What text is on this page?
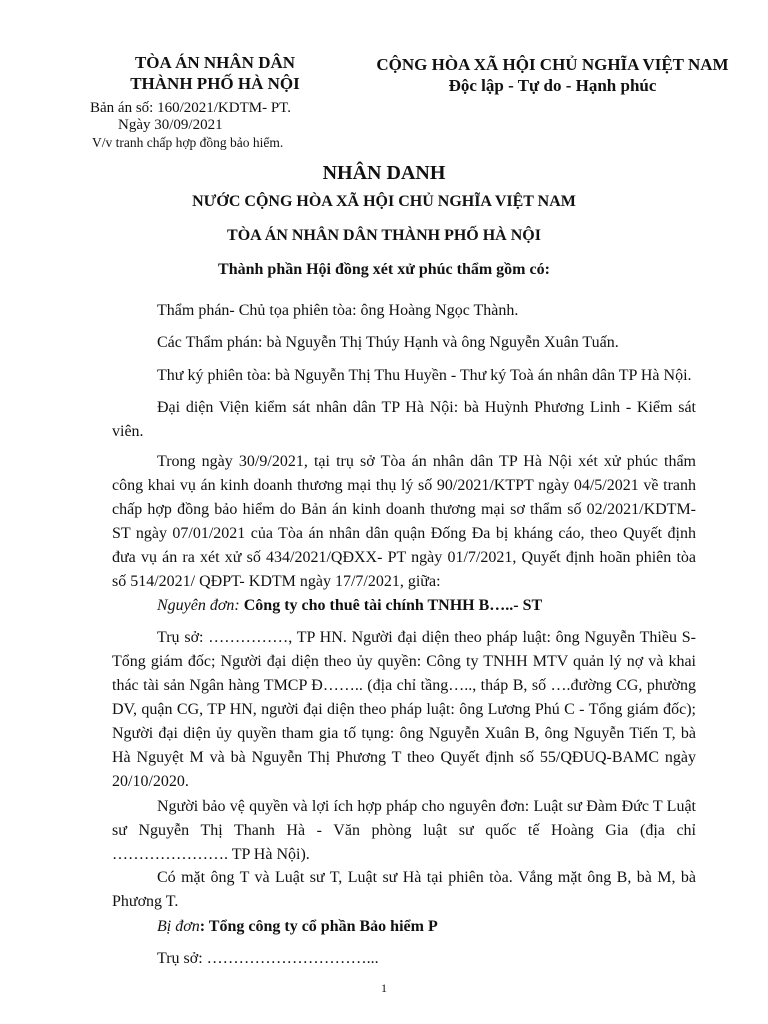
TÒA ÁN NHÂN DÂN
THÀNH PHỐ HÀ NỘI
Bản án số: 160/2021/KDTM- PT.
Ngày 30/09/2021
V/v tranh chấp hợp đồng bảo hiểm.
CỘNG HÒA XÃ HỘI CHỦ NGHĨA VIỆT NAM
Độc lập - Tự do - Hạnh phúc
NHÂN DANH
NƯỚC CỘNG HÒA XÃ HỘI CHỦ NGHĨA VIỆT NAM
TÒA ÁN NHÂN DÂN THÀNH PHỐ HÀ NỘI
Thành phần Hội đồng xét xử phúc thẩm gồm có:
Thẩm phán- Chủ tọa phiên tòa: ông Hoàng Ngọc Thành.
Các Thẩm phán: bà Nguyễn Thị Thúy Hạnh và ông Nguyễn Xuân Tuấn.
Thư ký phiên tòa: bà Nguyễn Thị Thu Huyền - Thư ký Toà án nhân dân TP Hà Nội.
Đại diện Viện kiểm sát nhân dân TP Hà Nội: bà Huỳnh Phương Linh - Kiểm sát viên.
Trong ngày 30/9/2021, tại trụ sở Tòa án nhân dân TP Hà Nội xét xử phúc thẩm công khai vụ án kinh doanh thương mại thụ lý số 90/2021/KTPT ngày 04/5/2021 về tranh chấp hợp đồng bảo hiểm do Bản án kinh doanh thương mại sơ thẩm số 02/2021/KDTM- ST ngày 07/01/2021 của Tòa án nhân dân quận Đống Đa bị kháng cáo, theo Quyết định đưa vụ án ra xét xử số 434/2021/QĐXX- PT ngày 01/7/2021, Quyết định hoãn phiên tòa số 514/2021/ QĐPT- KDTM ngày 17/7/2021, giữa:
Nguyên đơn: Công ty cho thuê tài chính TNHH B…..- ST
Trụ sở: ……………, TP HN. Người đại diện theo pháp luật: ông Nguyễn Thiều S- Tổng giám đốc; Người đại diện theo ủy quyền: Công ty TNHH MTV quản lý nợ và khai thác tài sản Ngân hàng TMCP Đ…….. (địa chỉ tầng….., tháp B, số ….đường CG, phường DV, quận CG, TP HN, người đại diện theo pháp luật: ông Lương Phú C - Tổng giám đốc); Người đại diện ủy quyền tham gia tố tụng: ông Nguyễn Xuân B, ông Nguyễn Tiến T, bà Hà Nguyệt M và bà Nguyễn Thị Phương T theo Quyết định số 55/QĐUQ-BAMC ngày 20/10/2020.
Người bảo vệ quyền và lợi ích hợp pháp cho nguyên đơn: Luật sư Đàm Đức T Luật sư Nguyễn Thị Thanh Hà - Văn phòng luật sư quốc tế Hoàng Gia (địa chỉ …………………. TP Hà Nội).
Có mặt ông T và Luật sư T, Luật sư Hà tại phiên tòa. Vắng mặt ông B, bà M, bà Phương T.
Bị đơn: Tổng công ty cổ phần Bảo hiểm P
Trụ sở: …………………………...
1
